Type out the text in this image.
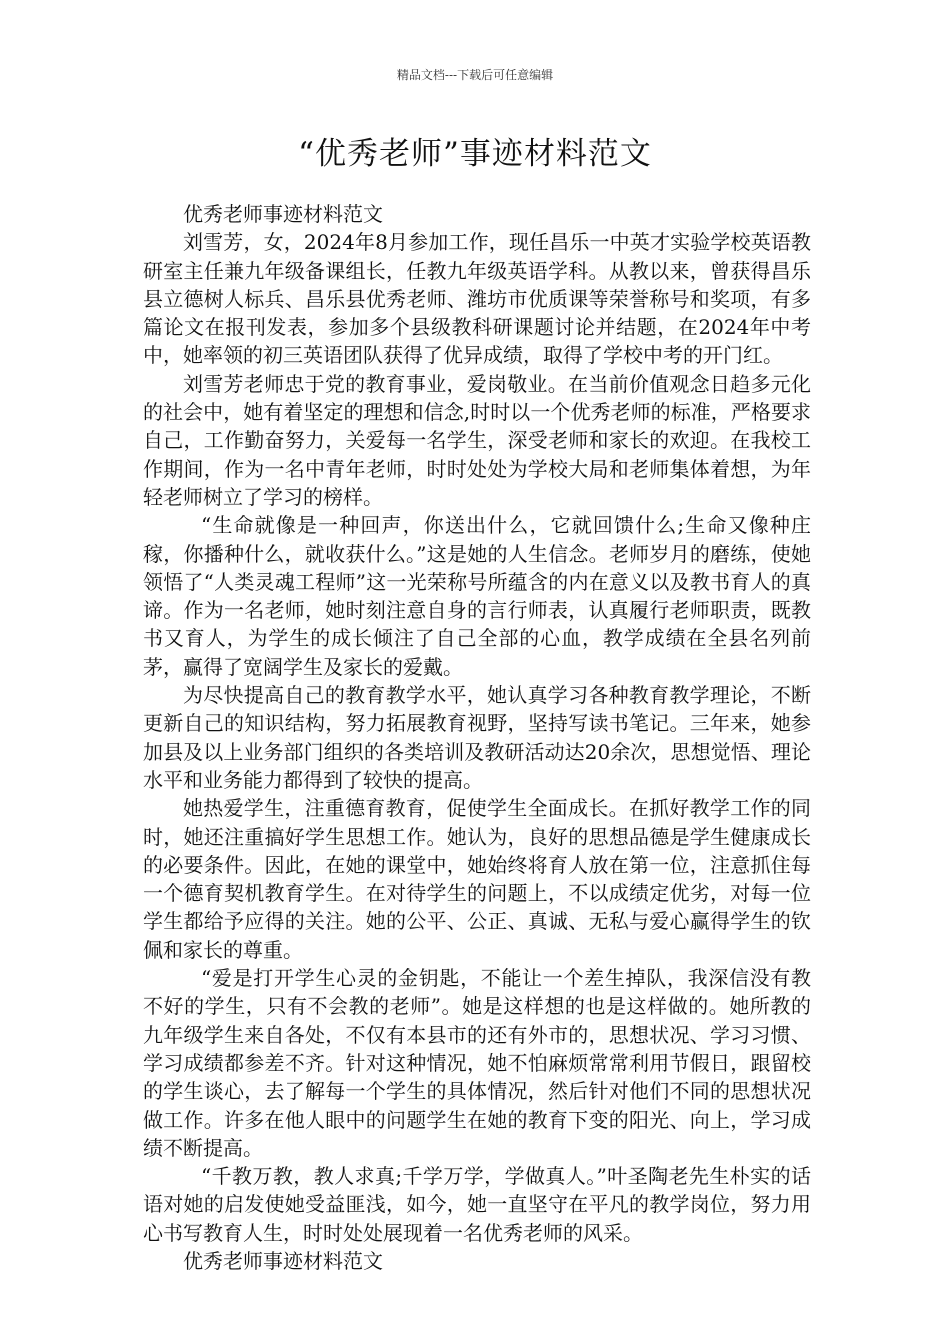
精品文档---下载后可任意编辑
“优秀老师”事迹材料范文

优秀老师事迹材料范文

刘雪芳，女，2024年8月参加工作，现任昌乐一中英才实验学校英语教研室主任兼九年级备课组长，任教九年级英语学科。从教以来，曾获得昌乐县立德树人标兵、昌乐县优秀老师、潍坊市优质课等荣誉称号和奖项，有多篇论文在报刊发表，参加多个县级教科研课题讨论并结题，在2024年中考中，她率领的初三英语团队获得了优异成绩，取得了学校中考的开门红。

刘雪芳老师忠于党的教育事业，爱岗敬业。在当前价值观念日趋多元化的社会中，她有着坚定的理想和信念,时时以一个优秀老师的标准，严格要求自己，工作勤奋努力，关爱每一名学生，深受老师和家长的欢迎。在我校工作期间，作为一名中青年老师，时时处处为学校大局和老师集体着想，为年轻老师树立了学习的榜样。

“生命就像是一种回声，你送出什么，它就回馈什么;生命又像种庄稼，你播种什么，就收获什么。”这是她的人生信念。老师岁月的磨练，使她领悟了“人类灵魂工程师”这一光荣称号所蕴含的内在意义以及教书育人的真谛。作为一名老师，她时刻注意自身的言行师表，认真履行老师职责，既教书又育人，为学生的成长倾注了自己全部的心血，教学成绩在全县名列前茅，赢得了宽阔学生及家长的爱戴。

为尽快提高自己的教育教学水平，她认真学习各种教育教学理论，不断更新自己的知识结构，努力拓展教育视野，坚持写读书笔记。三年来，她参加县及以上业务部门组织的各类培训及教研活动达20余次，思想觉悟、理论水平和业务能力都得到了较快的提高。

她热爱学生，注重德育教育，促使学生全面成长。在抓好教学工作的同时，她还注重搞好学生思想工作。她认为，良好的思想品德是学生健康成长的必要条件。因此，在她的课堂中，她始终将育人放在第一位，注意抓住每一个德育契机教育学生。在对待学生的问题上，不以成绩定优劣，对每一位学生都给予应得的关注。她的公平、公正、真诚、无私与爱心赢得学生的钦佩和家长的尊重。

“爱是打开学生心灵的金钥匙，不能让一个差生掉队，我深信没有教不好的学生，只有不会教的老师”。她是这样想的也是这样做的。她所教的九年级学生来自各处，不仅有本县市的还有外市的，思想状况、学习习惯、学习成绩都参差不齐。针对这种情况，她不怕麻烦常常利用节假日，跟留校的学生谈心，去了解每一个学生的具体情况，然后针对他们不同的思想状况做工作。许多在他人眼中的问题学生在她的教育下变的阳光、向上，学习成绩不断提高。

“千教万教，教人求真;千学万学，学做真人。”叶圣陶老先生朴实的话语对她的启发使她受益匪浅，如今，她一直坚守在平凡的教学岗位，努力用心书写教育人生，时时处处展现着一名优秀老师的风采。

优秀老师事迹材料范文
